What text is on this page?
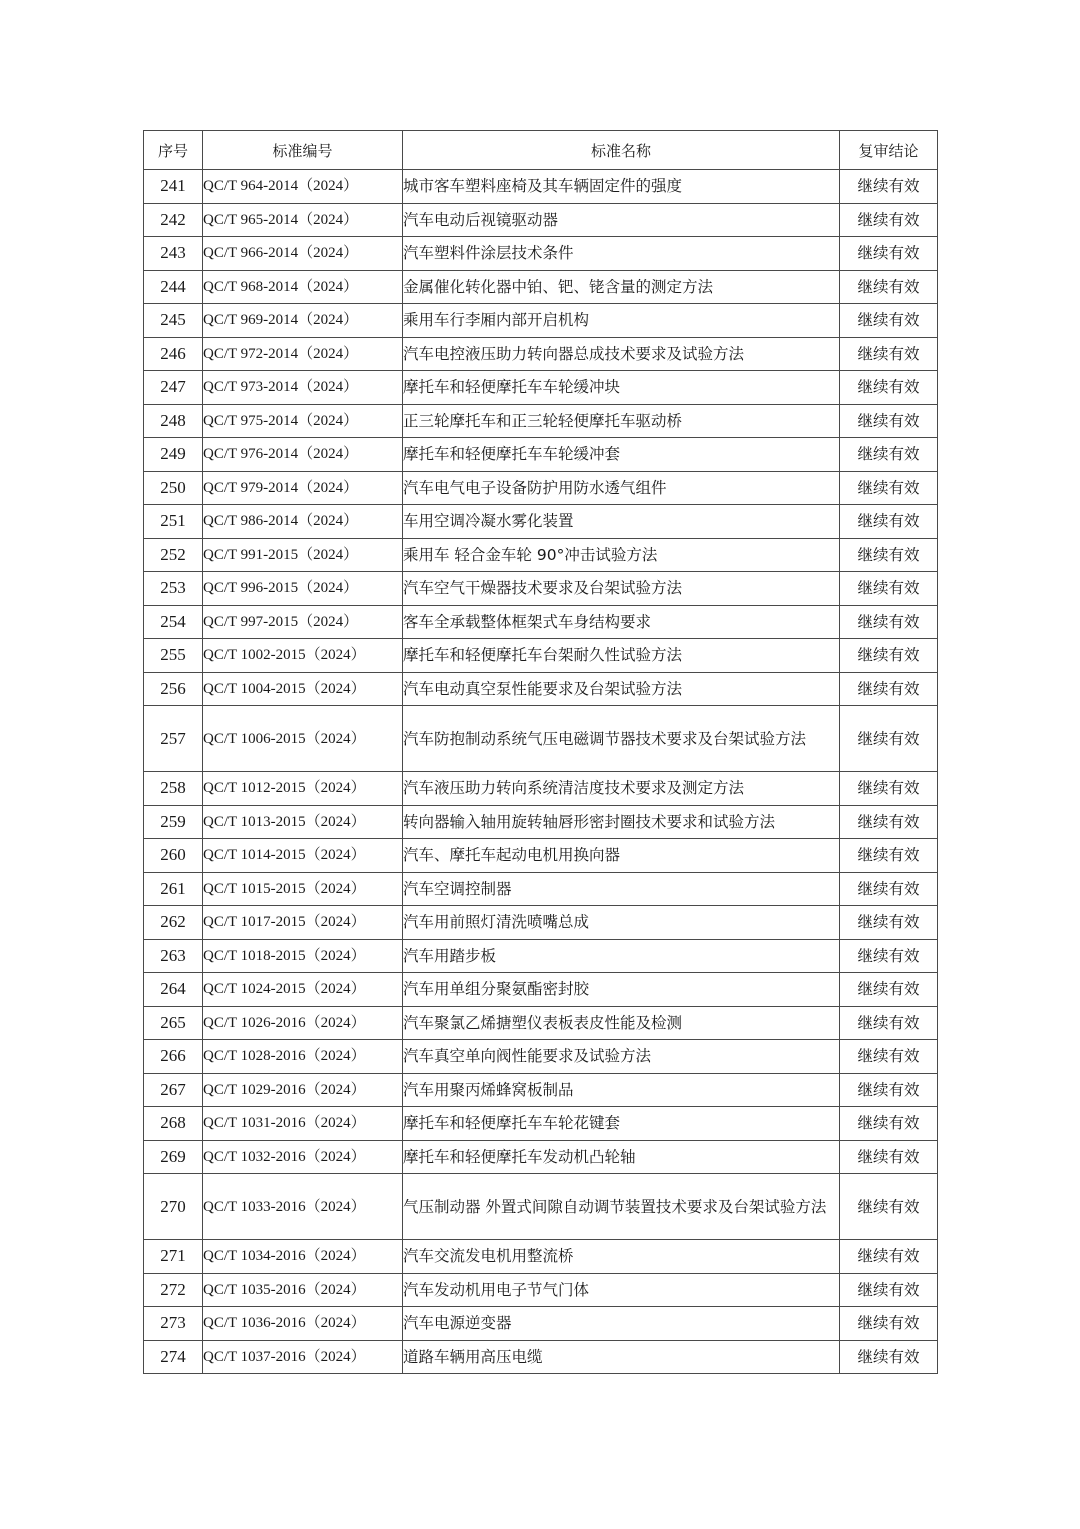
序号	标准编号	标准名称	复审结论
241	QC/T 964-2014（2024）	城市客车塑料座椅及其车辆固定件的强度	继续有效
242	QC/T 965-2014（2024）	汽车电动后视镜驱动器	继续有效
243	QC/T 966-2014（2024）	汽车塑料件涂层技术条件	继续有效
244	QC/T 968-2014（2024）	金属催化转化器中铂、钯、铑含量的测定方法	继续有效
245	QC/T 969-2014（2024）	乘用车行李厢内部开启机构	继续有效
246	QC/T 972-2014（2024）	汽车电控液压助力转向器总成技术要求及试验方法	继续有效
247	QC/T 973-2014（2024）	摩托车和轻便摩托车车轮缓冲块	继续有效
248	QC/T 975-2014（2024）	正三轮摩托车和正三轮轻便摩托车驱动桥	继续有效
249	QC/T 976-2014（2024）	摩托车和轻便摩托车车轮缓冲套	继续有效
250	QC/T 979-2014（2024）	汽车电气电子设备防护用防水透气组件	继续有效
251	QC/T 986-2014（2024）	车用空调冷凝水雾化装置	继续有效
252	QC/T 991-2015（2024）	乘用车 轻合金车轮 90°冲击试验方法	继续有效
253	QC/T 996-2015（2024）	汽车空气干燥器技术要求及台架试验方法	继续有效
254	QC/T 997-2015（2024）	客车全承载整体框架式车身结构要求	继续有效
255	QC/T 1002-2015（2024）	摩托车和轻便摩托车台架耐久性试验方法	继续有效
256	QC/T 1004-2015（2024）	汽车电动真空泵性能要求及台架试验方法	继续有效
257	QC/T 1006-2015（2024）	汽车防抱制动系统气压电磁调节器技术要求及台架试验方法	继续有效
258	QC/T 1012-2015（2024）	汽车液压助力转向系统清洁度技术要求及测定方法	继续有效
259	QC/T 1013-2015（2024）	转向器输入轴用旋转轴唇形密封圈技术要求和试验方法	继续有效
260	QC/T 1014-2015（2024）	汽车、摩托车起动电机用换向器	继续有效
261	QC/T 1015-2015（2024）	汽车空调控制器	继续有效
262	QC/T 1017-2015（2024）	汽车用前照灯清洗喷嘴总成	继续有效
263	QC/T 1018-2015（2024）	汽车用踏步板	继续有效
264	QC/T 1024-2015（2024）	汽车用单组分聚氨酯密封胶	继续有效
265	QC/T 1026-2016（2024）	汽车聚氯乙烯搪塑仪表板表皮性能及检测	继续有效
266	QC/T 1028-2016（2024）	汽车真空单向阀性能要求及试验方法	继续有效
267	QC/T 1029-2016（2024）	汽车用聚丙烯蜂窝板制品	继续有效
268	QC/T 1031-2016（2024）	摩托车和轻便摩托车车轮花键套	继续有效
269	QC/T 1032-2016（2024）	摩托车和轻便摩托车发动机凸轮轴	继续有效
270	QC/T 1033-2016（2024）	气压制动器 外置式间隙自动调节装置技术要求及台架试验方法	继续有效
271	QC/T 1034-2016（2024）	汽车交流发电机用整流桥	继续有效
272	QC/T 1035-2016（2024）	汽车发动机用电子节气门体	继续有效
273	QC/T 1036-2016（2024）	汽车电源逆变器	继续有效
274	QC/T 1037-2016（2024）	道路车辆用高压电缆	继续有效
